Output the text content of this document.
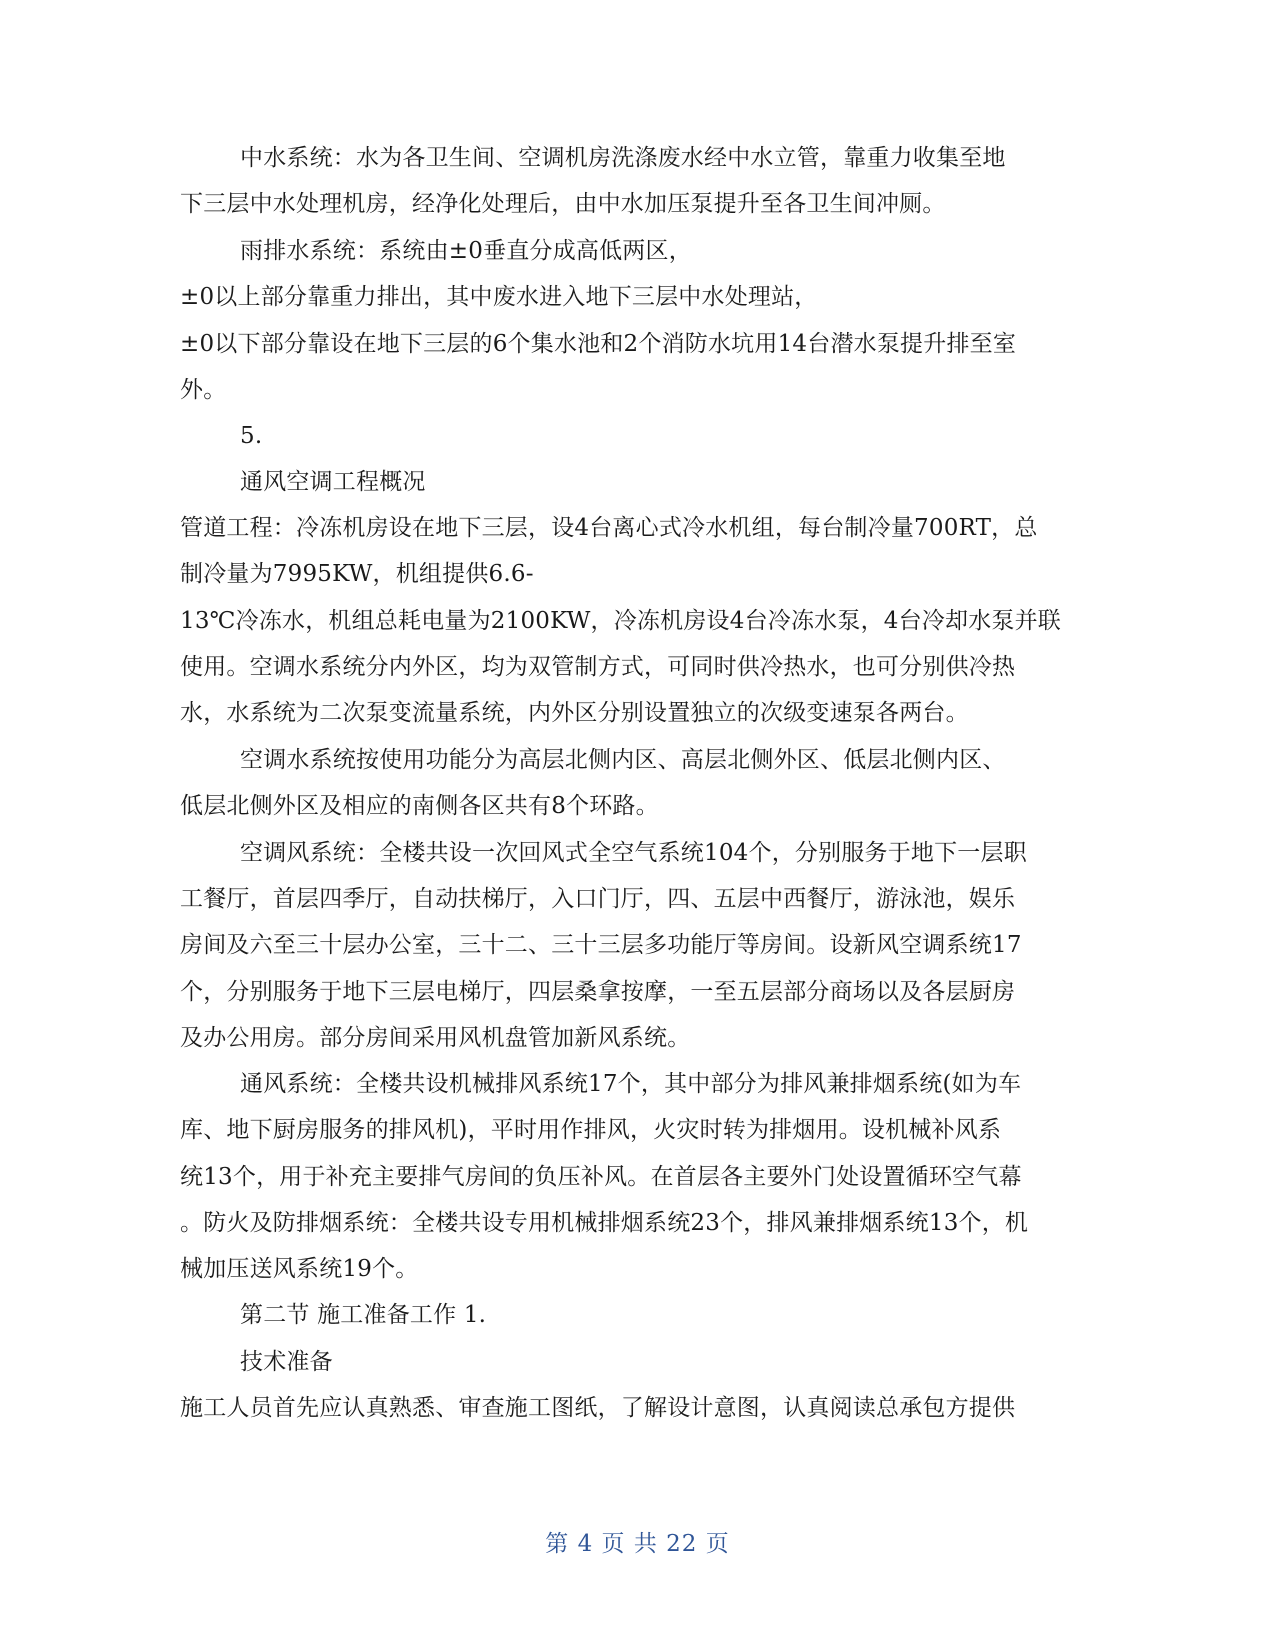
中水系统：水为各卫生间、空调机房洗涤废水经中水立管，靠重力收集至地
下三层中水处理机房，经净化处理后，由中水加压泵提升至各卫生间冲厕。
雨排水系统：系统由±0垂直分成高低两区，
±0以上部分靠重力排出，其中废水进入地下三层中水处理站，
±0以下部分靠设在地下三层的6个集水池和2个消防水坑用14台潜水泵提升排至室
外。
5.
通风空调工程概况
管道工程：冷冻机房设在地下三层，设4台离心式冷水机组，每台制冷量700RT，总
制冷量为7995KW，机组提供6.6-
13℃冷冻水，机组总耗电量为2100KW，冷冻机房设4台冷冻水泵，4台冷却水泵并联
使用。空调水系统分内外区，均为双管制方式，可同时供冷热水，也可分别供冷热
水，水系统为二次泵变流量系统，内外区分别设置独立的次级变速泵各两台。
空调水系统按使用功能分为高层北侧内区、高层北侧外区、低层北侧内区、
低层北侧外区及相应的南侧各区共有8个环路。
空调风系统：全楼共设一次回风式全空气系统104个，分别服务于地下一层职
工餐厅，首层四季厅，自动扶梯厅，入口门厅，四、五层中西餐厅，游泳池，娱乐
房间及六至三十层办公室，三十二、三十三层多功能厅等房间。设新风空调系统17
个，分别服务于地下三层电梯厅，四层桑拿按摩，一至五层部分商场以及各层厨房
及办公用房。部分房间采用风机盘管加新风系统。
通风系统：全楼共设机械排风系统17个，其中部分为排风兼排烟系统(如为车
库、地下厨房服务的排风机)，平时用作排风，火灾时转为排烟用。设机械补风系
统13个，用于补充主要排气房间的负压补风。在首层各主要外门处设置循环空气幕
。防火及防排烟系统：全楼共设专用机械排烟系统23个，排风兼排烟系统13个，机
械加压送风系统19个。
第二节 施工准备工作 1.
技术准备
施工人员首先应认真熟悉、审查施工图纸，了解设计意图，认真阅读总承包方提供
第 4 页 共 22 页
